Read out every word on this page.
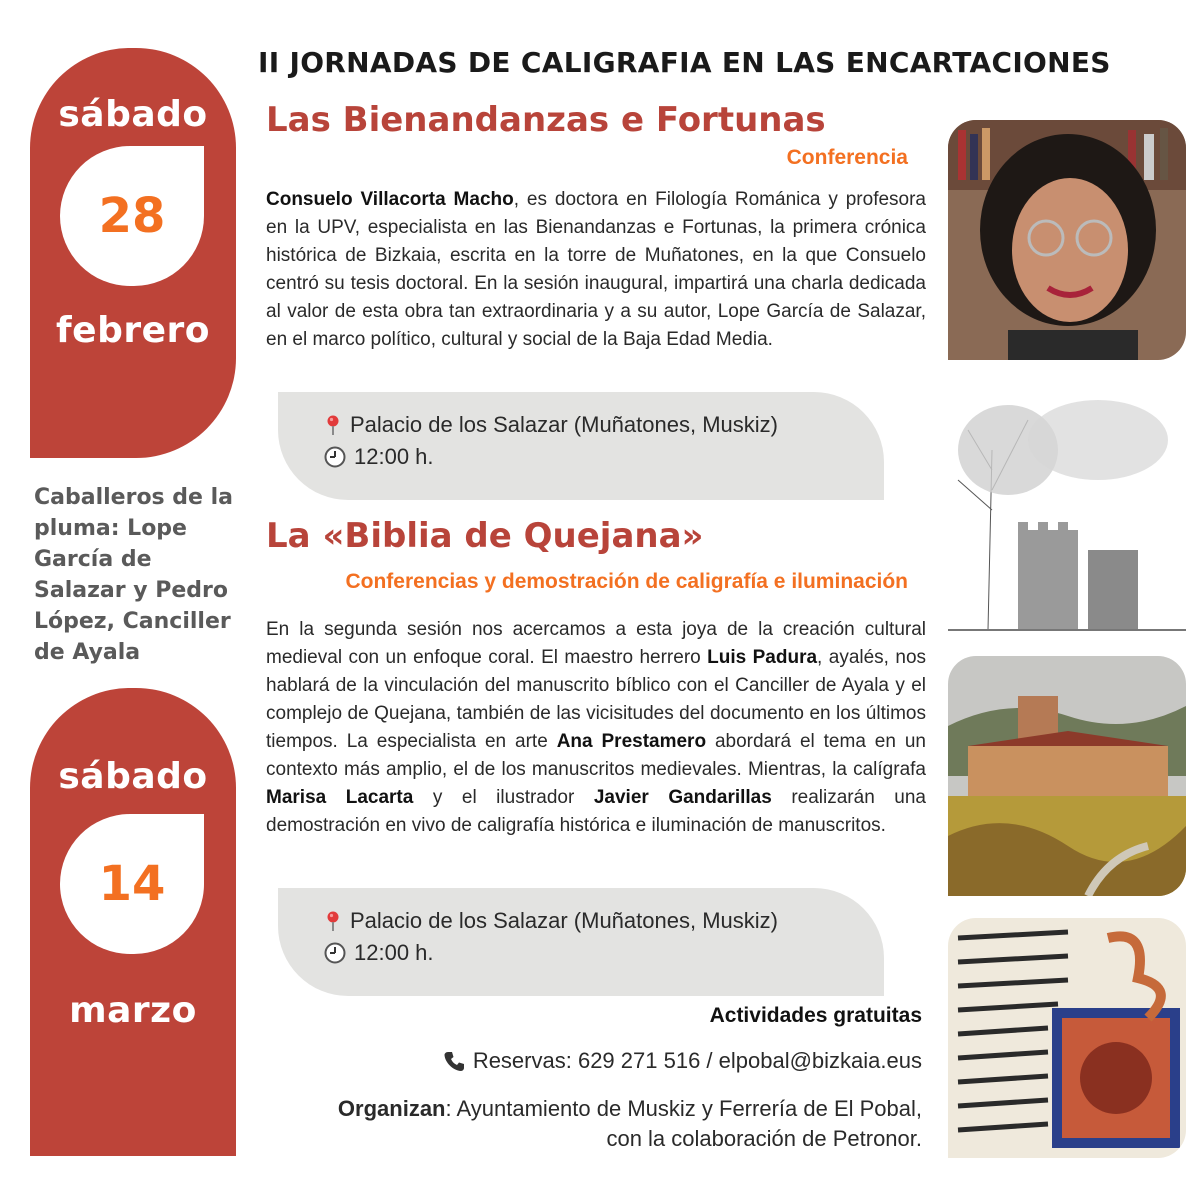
II JORNADAS DE CALIGRAFIA EN LAS ENCARTACIONES
sábado
28
febrero
Caballeros de la pluma: Lope García de Salazar y Pedro López, Canciller de Ayala
sábado
14
marzo
Las Bienandanzas e Fortunas
Conferencia
Consuelo Villacorta Macho, es doctora en Filología Románica y profesora en la UPV, especialista en las Bienandanzas e Fortunas, la primera crónica histórica de Bizkaia, escrita en la torre de Muñatones, en la que Consuelo centró su tesis doctoral. En la sesión inaugural, impartirá una charla dedicada al valor de esta obra tan extraordinaria y a su autor, Lope García de Salazar, en el marco político, cultural y social de la Baja Edad Media.
Palacio de los Salazar (Muñatones, Muskiz)
12:00 h.
La «Biblia de Quejana»
Conferencias y demostración de caligrafía e iluminación
En la segunda sesión nos acercamos a esta joya de la creación cultural medieval con un enfoque coral. El maestro herrero Luis Padura, ayalés, nos hablará de la vinculación del manuscrito bíblico con el Canciller de Ayala y el complejo de Quejana, también de las vicisitudes del documento en los últimos tiempos. La especialista en arte Ana Prestamero abordará el tema en un contexto más amplio, el de los manuscritos medievales. Mientras, la calígrafa Marisa Lacarta y el ilustrador Javier Gandarillas realizarán una demostración en vivo de caligrafía histórica e iluminación de manuscritos.
Palacio de los Salazar (Muñatones, Muskiz)
12:00 h.
Actividades gratuitas
Reservas: 629 271 516 / elpobal@bizkaia.eus
Organizan: Ayuntamiento de Muskiz y Ferrería de El Pobal,
con la colaboración de Petronor.
